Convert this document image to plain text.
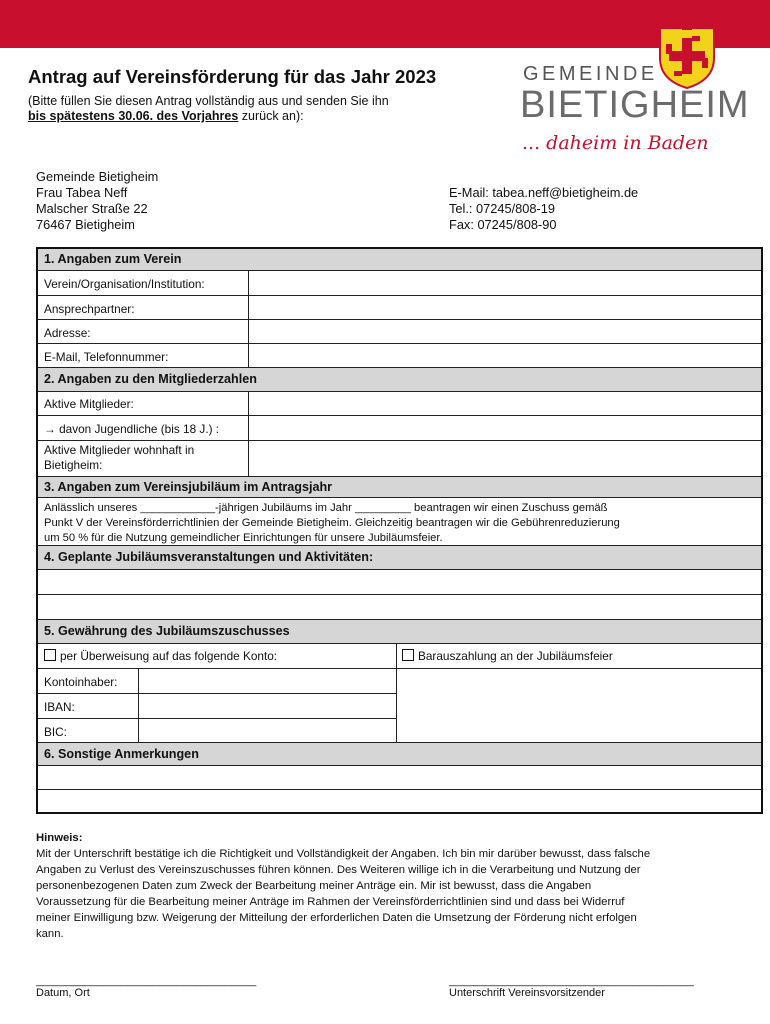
Antrag auf Vereinsförderung für das Jahr 2023
(Bitte füllen Sie diesen Antrag vollständig aus und senden Sie ihn
bis spätestens 30.06. des Vorjahres zurück an):
GEMEINDE
BIETIGHEIM
... daheim in Baden
Gemeinde Bietigheim
Frau Tabea Neff
Malscher Straße 22
76467 Bietigheim
E-Mail: tabea.neff@bietigheim.de
Tel.: 07245/808-19
Fax: 07245/808-90
1. Angaben zum Verein
Verein/Organisation/Institution:
Ansprechpartner:
Adresse:
E-Mail, Telefonnummer:
2. Angaben zu den Mitgliederzahlen
Aktive Mitglieder:
→ davon Jugendliche (bis 18 J.) :
Aktive Mitglieder wohnhaft in
Bietigheim:
3. Angaben zum Vereinsjubiläum im Antragsjahr
Anlässlich unseres ____________-jährigen Jubiläums im Jahr _________ beantragen wir einen Zuschuss gemäß
Punkt V der Vereinsförderrichtlinien der Gemeinde Bietigheim. Gleichzeitig beantragen wir die Gebührenreduzierung
um 50 % für die Nutzung gemeindlicher Einrichtungen für unsere Jubiläumsfeier.
4. Geplante Jubiläumsveranstaltungen und Aktivitäten:
5. Gewährung des Jubiläumszuschusses
per Überweisung auf das folgende Konto:	Barauszahlung an der Jubiläumsfeier
Kontoinhaber:
IBAN:
BIC:
6. Sonstige Anmerkungen
Hinweis:
Mit der Unterschrift bestätige ich die Richtigkeit und Vollständigkeit der Angaben. Ich bin mir darüber bewusst, dass falsche
Angaben zu Verlust des Vereinszuschusses führen können. Des Weiteren willige ich in die Verarbeitung und Nutzung der
personenbezogenen Daten zum Zweck der Bearbeitung meiner Anträge ein. Mir ist bewusst, dass die Angaben
Voraussetzung für die Bearbeitung meiner Anträge im Rahmen der Vereinsförderrichtlinien sind und dass bei Widerruf
meiner Einwilligung bzw. Weigerung der Mitteilung der erforderlichen Daten die Umsetzung der Förderung nicht erfolgen
kann.
____________________________________
Datum, Ort
________________________________________
Unterschrift Vereinsvorsitzender
